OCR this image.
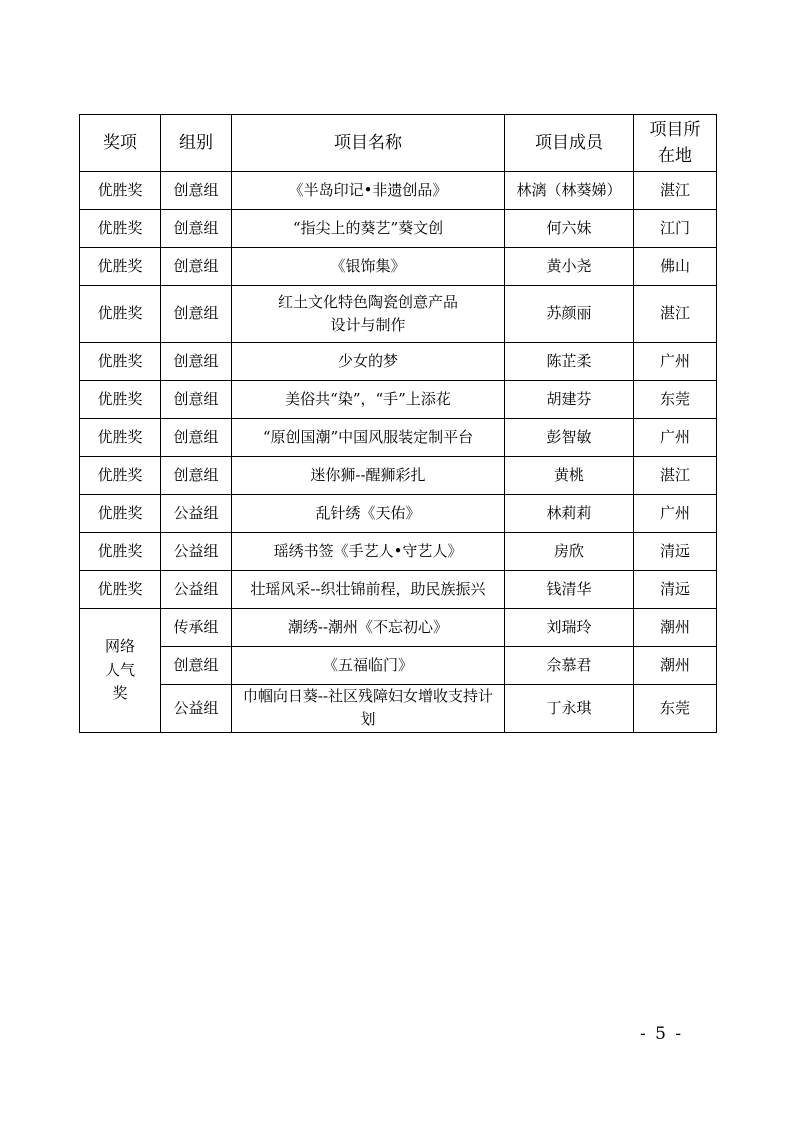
奖项	组别	项目名称	项目成员	项目所在地
优胜奖	创意组	《半岛印记•非遗创品》	林漓（林葵娣）	湛江
优胜奖	创意组	“指尖上的葵艺”葵文创	何六妹	江门
优胜奖	创意组	《银饰集》	黄小尧	佛山
优胜奖	创意组	红土文化特色陶瓷创意产品设计与制作	苏颜丽	湛江
优胜奖	创意组	少女的梦	陈芷柔	广州
优胜奖	创意组	美俗共“染”，“手”上添花	胡建芬	东莞
优胜奖	创意组	“原创国潮”中国风服装定制平台	彭智敏	广州
优胜奖	创意组	迷你狮--醒狮彩扎	黄桃	湛江
优胜奖	公益组	乱针绣《天佑》	林莉莉	广州
优胜奖	公益组	瑶绣书签《手艺人•守艺人》	房欣	清远
优胜奖	公益组	壮瑶风采--织壮锦前程，助民族振兴	钱清华	清远
网络人气奖	传承组	潮绣--潮州《不忘初心》	刘瑞玲	潮州
	创意组	《五福临门》	佘慕君	潮州
	公益组	巾帼向日葵--社区残障妇女增收支持计划	丁永琪	东莞
- 5 -
